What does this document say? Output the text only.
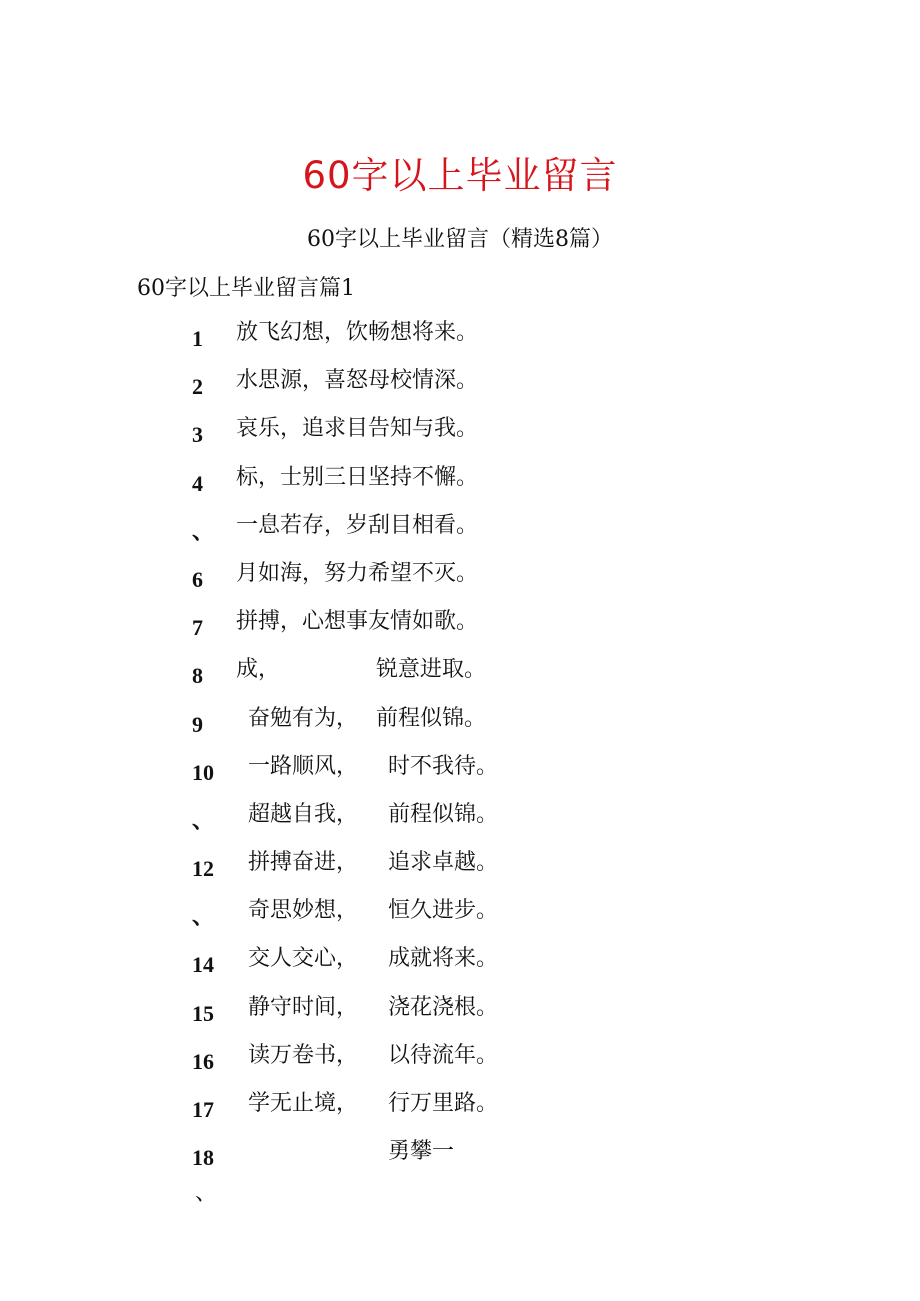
60字以上毕业留言
60字以上毕业留言（精选8篇）
60字以上毕业留言篇1
1 放飞幻想，饮畅想将来。
2 水思源，喜怒母校情深。
3 哀乐，追求目告知与我。
4 标，士别三日坚持不懈。
、 一息若存，岁刮目相看。
6 月如海，努力希望不灭。
7 拼搏，心想事友情如歌。
8 成，	锐意进取。
9 奋勉有为， 前程似锦。
10 一路顺风， 时不我待。
、 超越自我， 前程似锦。
12 拼搏奋进， 追求卓越。
、 奇思妙想， 恒久进步。
14 交人交心， 成就将来。
15 静守时间， 浇花浇根。
16 读万卷书， 以待流年。
17 学无止境， 行万里路。
18	勇攀一
、
